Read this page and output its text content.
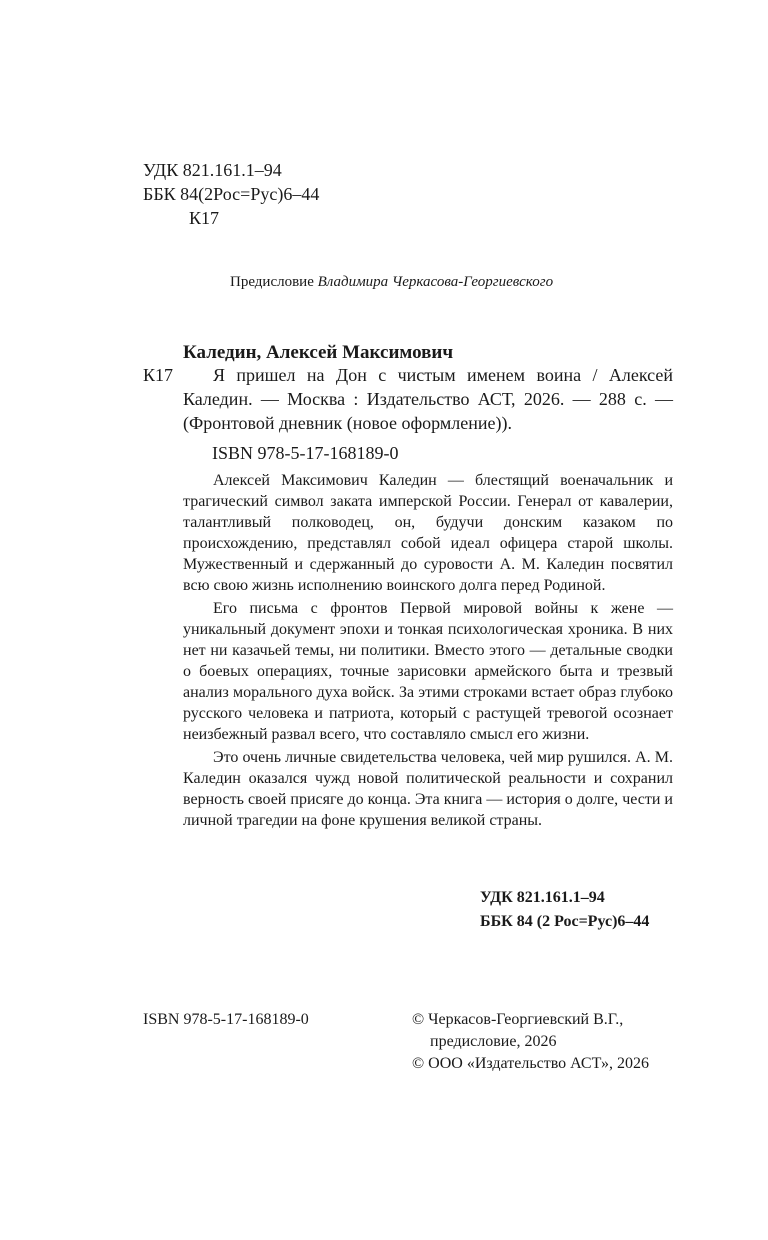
УДК 821.161.1–94
ББК 84(2Рос=Рус)6–44
К17
Предисловие Владимира Черкасова-Георгиевского
Каледин, Алексей Максимович
К17	Я пришел на Дон с чистым именем воина / Алексей Каледин. — Москва : Издательство АСТ, 2026. — 288 с. — (Фронтовой дневник (новое оформление)).

ISBN 978-5-17-168189-0

Алексей Максимович Каледин — блестящий военачальник и трагический символ заката имперской России. Генерал от кавалерии, талантливый полководец, он, будучи донским казаком по происхождению, представлял собой идеал офицера старой школы. Мужественный и сдержанный до суровости А. М. Каледин посвятил всю свою жизнь исполнению воинского долга перед Родиной.

Его письма с фронтов Первой мировой войны к жене — уникальный документ эпохи и тонкая психологическая хроника. В них нет ни казачьей темы, ни политики. Вместо этого — детальные сводки о боевых операциях, точные зарисовки армейского быта и трезвый анализ морального духа войск. За этими строками встает образ глубоко русского человека и патриота, который с растущей тревогой осознает неизбежный развал всего, что составляло смысл его жизни.

Это очень личные свидетельства человека, чей мир рушился. А. М. Каледин оказался чужд новой политической реальности и сохранил верность своей присяге до конца. Эта книга — история о долге, чести и личной трагедии на фоне крушения великой страны.

УДК 821.161.1–94
ББК 84 (2 Рос=Рус)6–44
ISBN 978-5-17-168189-0	© Черкасов-Георгиевский В.Г.,
предисловие, 2026
© ООО «Издательство АСТ», 2026
